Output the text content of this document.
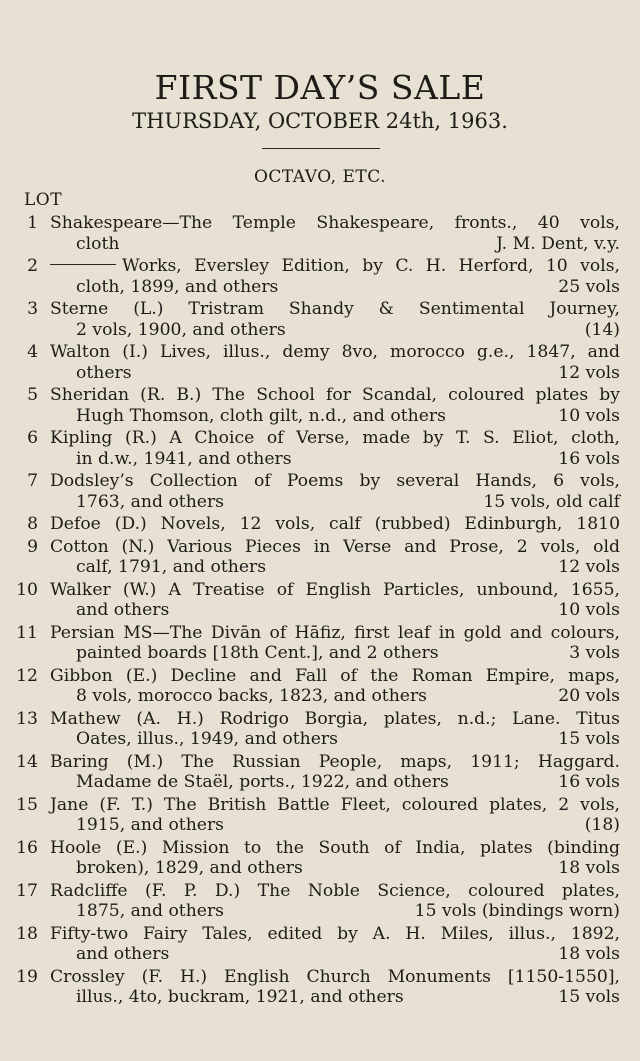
FIRST DAY’S SALE
THURSDAY, OCTOBER 24th, 1963.
OCTAVO, ETC.
LOT
1 Shakespeare—The Temple Shakespeare, fronts., 40 vols,
cloth	J. M. Dent, v.y.
2	Works, Eversley Edition, by C. H. Herford, 10 vols,
cloth, 1899, and others	25 vols
3 Sterne (L.) Tristram Shandy & Sentimental Journey,
2 vols, 1900, and others	(14)
4 Walton (I.) Lives, illus., demy 8vo, morocco g.e., 1847, and
others	12 vols
5 Sheridan (R. B.) The School for Scandal, coloured plates by
Hugh Thomson, cloth gilt, n.d., and others	10 vols
6 Kipling (R.) A Choice of Verse, made by T. S. Eliot, cloth,
in d.w., 1941, and others	16 vols
7 Dodsley’s Collection of Poems by several Hands, 6 vols,
1763, and others	15 vols, old calf
8 Defoe (D.) Novels, 12 vols, calf (rubbed) Edinburgh, 1810
9 Cotton (N.) Various Pieces in Verse and Prose, 2 vols, old
calf, 1791, and others	12 vols
10 Walker (W.) A Treatise of English Particles, unbound, 1655,
and others	10 vols
11 Persian MS—The Divān of Hāfiz, first leaf in gold and colours,
painted boards [18th Cent.], and 2 others	3 vols
12 Gibbon (E.) Decline and Fall of the Roman Empire, maps,
8 vols, morocco backs, 1823, and others	20 vols
13 Mathew (A. H.) Rodrigo Borgia, plates, n.d.; Lane. Titus
Oates, illus., 1949, and others	15 vols
14 Baring (M.) The Russian People, maps, 1911; Haggard.
Madame de Staël, ports., 1922, and others	16 vols
15 Jane (F. T.) The British Battle Fleet, coloured plates, 2 vols,
1915, and others	(18)
16 Hoole (E.) Mission to the South of India, plates (binding
broken), 1829, and others	18 vols
17 Radcliffe (F. P. D.) The Noble Science, coloured plates,
1875, and others	15 vols (bindings worn)
18 Fifty-two Fairy Tales, edited by A. H. Miles, illus., 1892,
and others	18 vols
19 Crossley (F. H.) English Church Monuments [1150-1550],
illus., 4to, buckram, 1921, and others	15 vols
